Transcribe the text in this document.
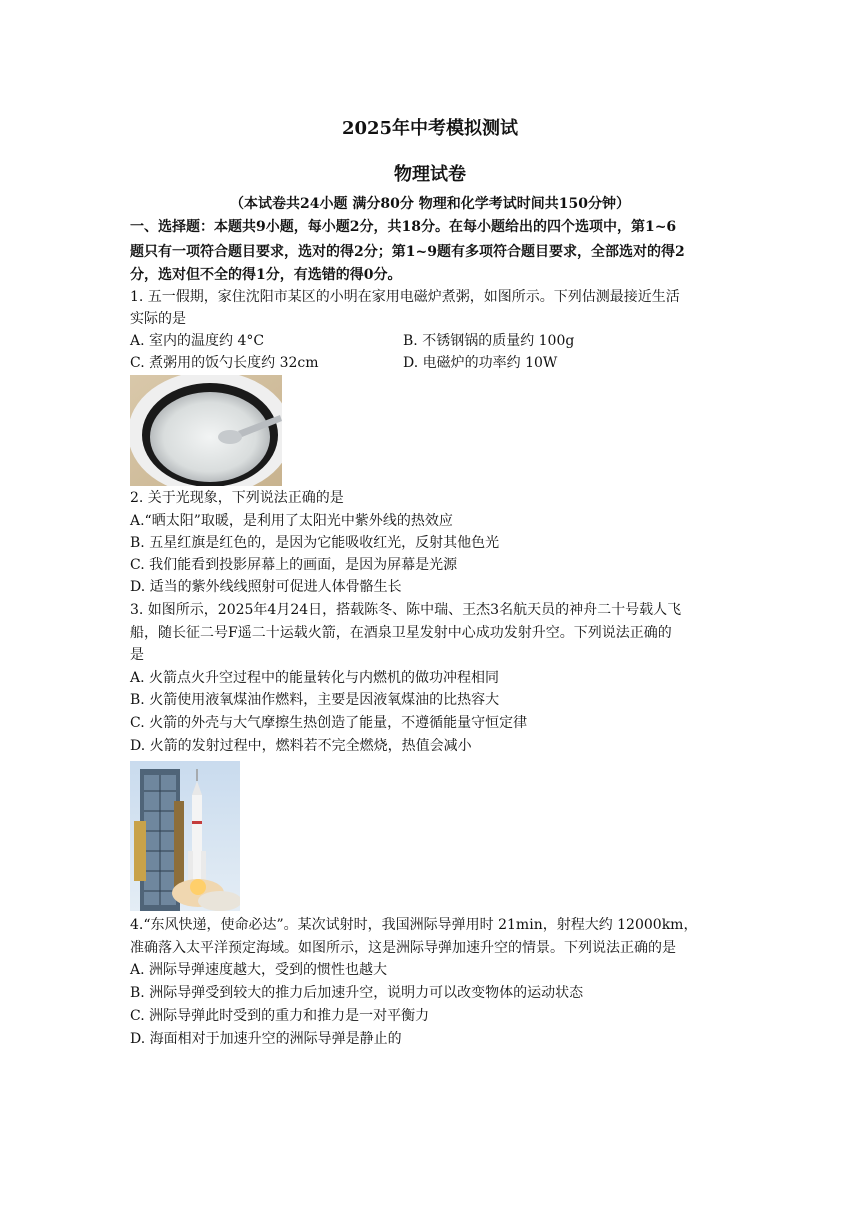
2025年中考模拟测试
物理试卷
（本试卷共24小题 满分80分 物理和化学考试时间共150分钟）
一、选择题：本题共9小题，每小题2分，共18分。在每小题给出的四个选项中，第1~6
题只有一项符合题目要求，选对的得2分；第1~9题有多项符合题目要求，全部选对的得2
分，选对但不全的得1分，有选错的得0分。
1. 五一假期，家住沈阳市某区的小明在家用电磁炉煮粥，如图所示。下列估测最接近生活
实际的是
A. 室内的温度约 4°C	B. 不锈钢锅的质量约 100g
C. 煮粥用的饭勺长度约 32cm	D. 电磁炉的功率约 10W
2. 关于光现象，下列说法正确的是
A.“晒太阳”取暖，是利用了太阳光中紫外线的热效应
B. 五星红旗是红色的，是因为它能吸收红光，反射其他色光
C. 我们能看到投影屏幕上的画面，是因为屏幕是光源
D. 适当的紫外线线照射可促进人体骨骼生长
3. 如图所示，2025年4月24日，搭载陈冬、陈中瑞、王杰3名航天员的神舟二十号载人飞
船，随长征二号F遥二十运载火箭，在酒泉卫星发射中心成功发射升空。下列说法正确的
是
A. 火箭点火升空过程中的能量转化与内燃机的做功冲程相同
B. 火箭使用液氧煤油作燃料，主要是因液氧煤油的比热容大
C. 火箭的外壳与大气摩擦生热创造了能量，不遵循能量守恒定律
D. 火箭的发射过程中，燃料若不完全燃烧，热值会减小
4.“东风快递，使命必达”。某次试射时，我国洲际导弹用时 21min，射程大约 12000km，
准确落入太平洋预定海域。如图所示，这是洲际导弹加速升空的情景。下列说法正确的是
A. 洲际导弹速度越大，受到的惯性也越大
B. 洲际导弹受到较大的推力后加速升空，说明力可以改变物体的运动状态
C. 洲际导弹此时受到的重力和推力是一对平衡力
D. 海面相对于加速升空的洲际导弹是静止的
